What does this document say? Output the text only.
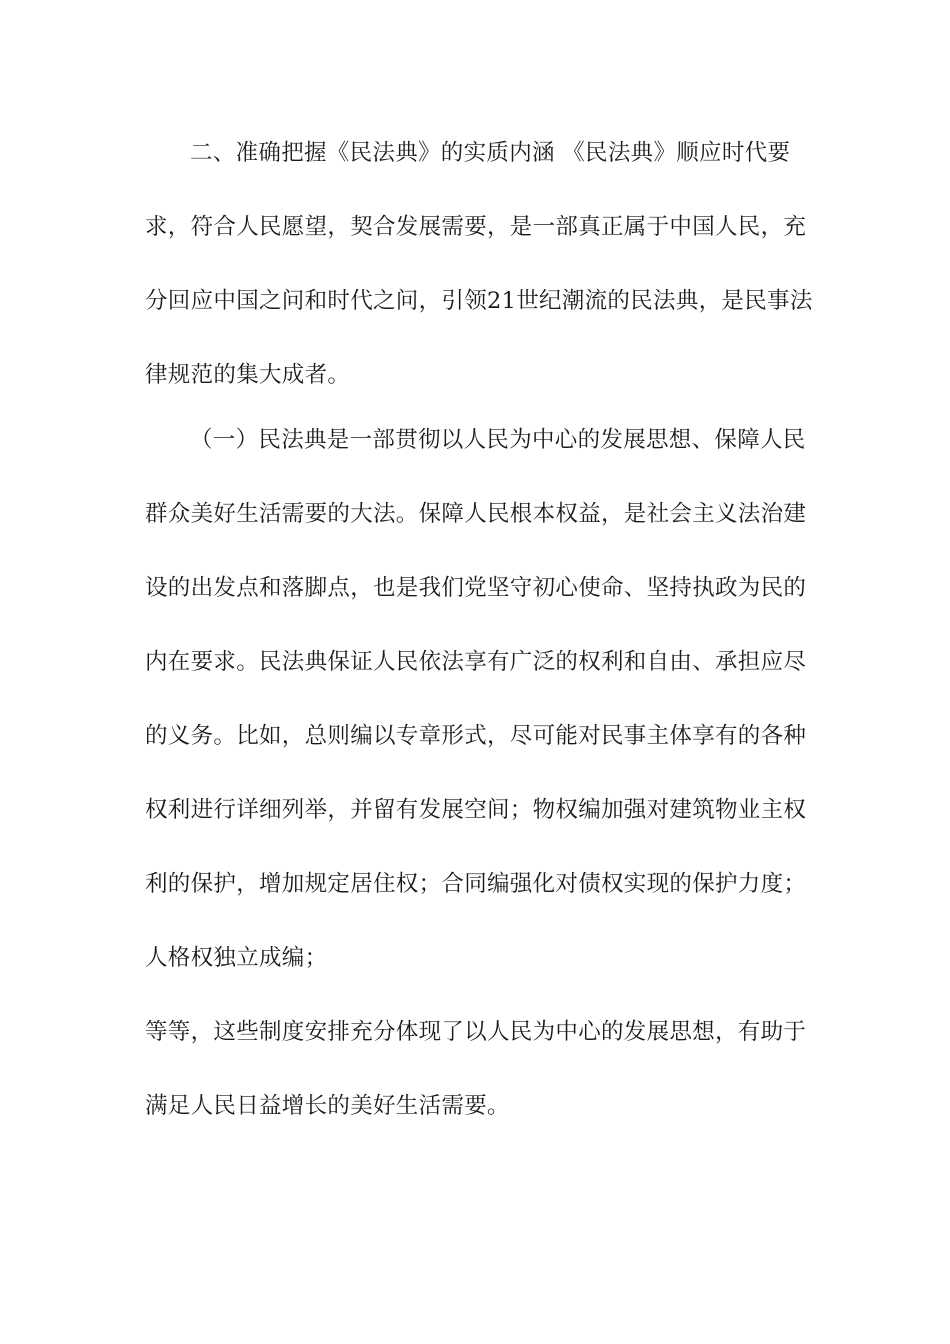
二、准确把握《民法典》的实质内涵 《民法典》顺应时代要
求，符合人民愿望，契合发展需要，是一部真正属于中国人民，充
分回应中国之问和时代之问，引领21世纪潮流的民法典，是民事法
律规范的集大成者。
（一）民法典是一部贯彻以人民为中心的发展思想、保障人民
群众美好生活需要的大法。保障人民根本权益，是社会主义法治建
设的出发点和落脚点，也是我们党坚守初心使命、坚持执政为民的
内在要求。民法典保证人民依法享有广泛的权利和自由、承担应尽
的义务。比如，总则编以专章形式，尽可能对民事主体享有的各种
权利进行详细列举，并留有发展空间；物权编加强对建筑物业主权
利的保护，增加规定居住权；合同编强化对债权实现的保护力度；
人格权独立成编；
等等，这些制度安排充分体现了以人民为中心的发展思想，有助于
满足人民日益增长的美好生活需要。
